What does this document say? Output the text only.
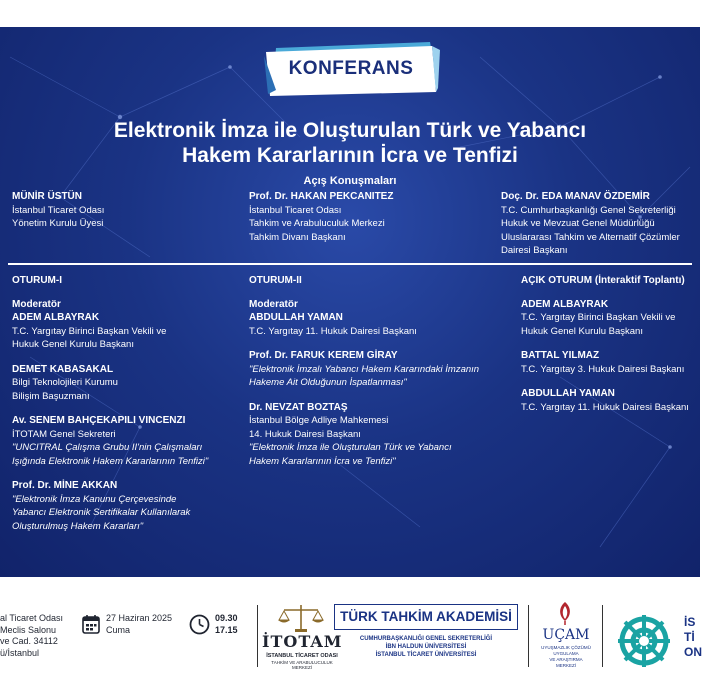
KONFERANS
Elektronik İmza ile Oluşturulan Türk ve Yabancı
Hakem Kararlarının İcra ve Tenfizi
Açış Konuşmaları
MÜNİR ÜSTÜN
İstanbul Ticaret Odası
Yönetim Kurulu Üyesi
Prof. Dr. HAKAN PEKCANITEZ
İstanbul Ticaret Odası
Tahkim ve Arabuluculuk Merkezi
Tahkim Divanı Başkanı
Doç. Dr. EDA MANAV ÖZDEMİR
T.C. Cumhurbaşkanlığı Genel Sekreterliği
Hukuk ve Mevzuat Genel Müdürlüğü
Uluslararası Tahkim ve Alternatif Çözümler
Dairesi Başkanı
OTURUM-I
Moderatör
ADEM ALBAYRAK
T.C. Yargıtay Birinci Başkan Vekili ve
Hukuk Genel Kurulu Başkanı
DEMET KABASAKAL
Bilgi Teknolojileri Kurumu
Bilişim Başuzmanı
Av. SENEM BAHÇEKAPILI VINCENZI
İTOTAM Genel Sekreteri
"UNCITRAL Çalışma Grubu II'nin Çalışmaları
Işığında Elektronik Hakem Kararlarının Tenfizi"
Prof. Dr. MİNE AKKAN
"Elektronik İmza Kanunu Çerçevesinde
Yabancı Elektronik Sertifikalar Kullanılarak
Oluşturulmuş Hakem Kararları"
OTURUM-II
Moderatör
ABDULLAH YAMAN
T.C. Yargıtay 11. Hukuk Dairesi Başkanı
Prof. Dr. FARUK KEREM GİRAY
"Elektronik İmzalı Yabancı Hakem Kararındaki İmzanın
Hakeme Ait Olduğunun İspatlanması"
Dr. NEVZAT BOZTAŞ
İstanbul Bölge Adliye Mahkemesi
14. Hukuk Dairesi Başkanı
"Elektronik İmza ile Oluşturulan Türk ve Yabancı
Hakem Kararlarının İcra ve Tenfizi"
AÇIK OTURUM (İnteraktif Toplantı)
ADEM ALBAYRAK
T.C. Yargıtay Birinci Başkan Vekili ve
Hukuk Genel Kurulu Başkanı
BATTAL YILMAZ
T.C. Yargıtay 3. Hukuk Dairesi Başkanı
ABDULLAH YAMAN
T.C. Yargıtay 11. Hukuk Dairesi Başkanı
al Ticaret Odası
Meclis Salonu
ve Cad. 34112
ü/İstanbul
27 Haziran 2025
Cuma
09.30
17.15
İTOTAM
İSTANBUL TİCARET ODASI
TAHKİM VE ARABULUCULUK MERKEZİ
TÜRK TAHKİM AKADEMİSİ
CUMHURBAŞKANLIĞI GENEL SEKRETERLİĞİ
İBN HALDUN ÜNİVERSİTESİ
İSTANBUL TİCARET ÜNİVERSİTESİ
UÇAM
UYUŞMAZLIK ÇÖZÜMÜ
UYGULAMA
VE ARAŞTIRMA
MERKEZİ
İS
Tİ
ON
